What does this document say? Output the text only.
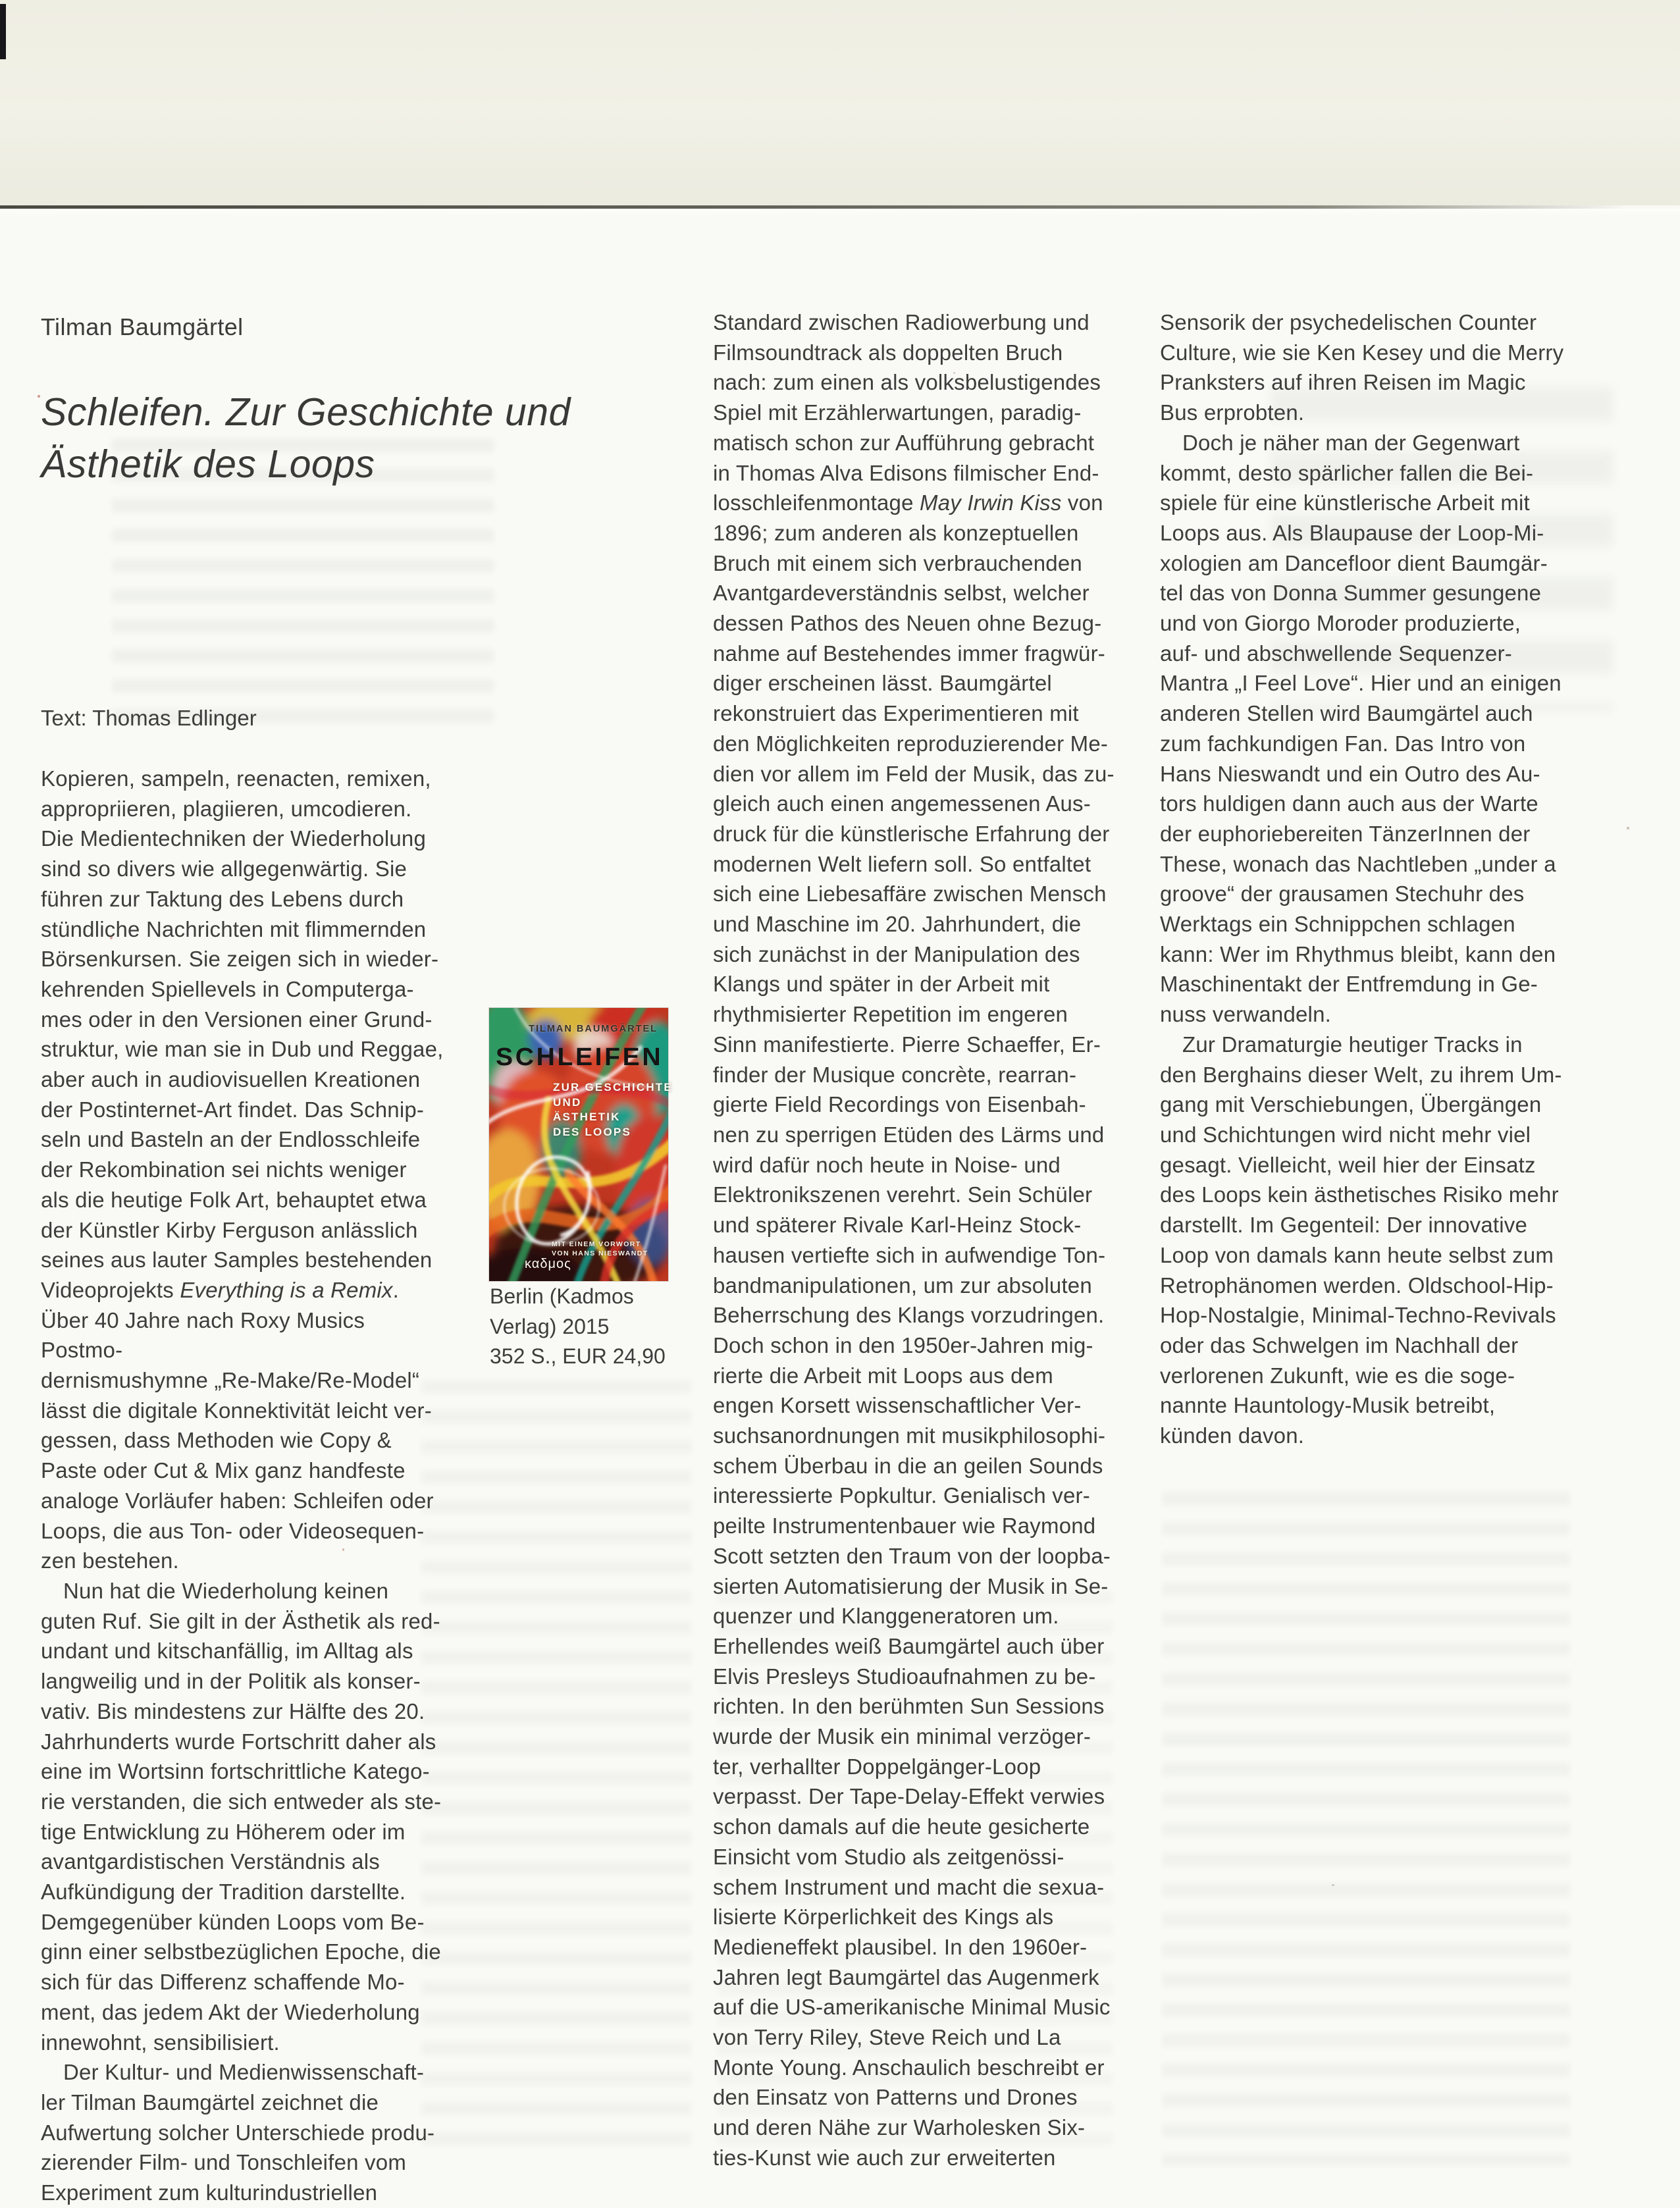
Tilman Baumgärtel
Schleifen. Zur Geschichte und
Ästhetik des Loops
Text: Thomas Edlinger

Kopieren, sampeln, reenacten, remixen,
appropriieren, plagiieren, umcodieren.
Die Medientechniken der Wiederholung
sind so divers wie allgegenwärtig. Sie
führen zur Taktung des Lebens durch
stündliche Nachrichten mit flimmernden
Börsenkursen. Sie zeigen sich in wieder-
kehrenden Spiellevels in Computerga-
mes oder in den Versionen einer Grund-
struktur, wie man sie in Dub und Reggae,
aber auch in audiovisuellen Kreationen
der Postinternet-Art findet. Das Schnip-
seln und Basteln an der Endlosschleife
der Rekombination sei nichts weniger
als die heutige Folk Art, behauptet etwa
der Künstler Kirby Ferguson anlässlich
seines aus lauter Samples bestehenden
Videoprojekts Everything is a Remix.
Über 40 Jahre nach Roxy Musics Postmo-
dernismushymne „Re-Make/Re-Model“
lässt die digitale Konnektivität leicht ver-
gessen, dass Methoden wie Copy &
Paste oder Cut & Mix ganz handfeste
analoge Vorläufer haben: Schleifen oder
Loops, die aus Ton- oder Videosequen-
zen bestehen.

Nun hat die Wiederholung keinen
guten Ruf. Sie gilt in der Ästhetik als red-
undant und kitschanfällig, im Alltag als
langweilig und in der Politik als konser-
vativ. Bis mindestens zur Hälfte des 20.
Jahrhunderts wurde Fortschritt daher als
eine im Wortsinn fortschrittliche Katego-
rie verstanden, die sich entweder als ste-
tige Entwicklung zu Höherem oder im
avantgardistischen Verständnis als
Aufkündigung der Tradition darstellte.
Demgegenüber künden Loops vom Be-
ginn einer selbstbezüglichen Epoche, die
sich für das Differenz schaffende Mo-
ment, das jedem Akt der Wiederholung
innewohnt, sensibilisiert.

Der Kultur- und Medienwissenschaft-
ler Tilman Baumgärtel zeichnet die
Aufwertung solcher Unterschiede produ-
zierender Film- und Tonschleifen vom
Experiment zum kulturindustriellen

Standard zwischen Radiowerbung und
Filmsoundtrack als doppelten Bruch
nach: zum einen als volksbelustigendes
Spiel mit Erzählerwartungen, paradig-
matisch schon zur Aufführung gebracht
in Thomas Alva Edisons filmischer End-
losschleifenmontage May Irwin Kiss von
1896; zum anderen als konzeptuellen
Bruch mit einem sich verbrauchenden
Avantgardeverständnis selbst, welcher
dessen Pathos des Neuen ohne Bezug-
nahme auf Bestehendes immer fragwür-
diger erscheinen lässt. Baumgärtel
rekonstruiert das Experimentieren mit
den Möglichkeiten reproduzierender Me-
dien vor allem im Feld der Musik, das zu-
gleich auch einen angemessenen Aus-
druck für die künstlerische Erfahrung der
modernen Welt liefern soll. So entfaltet
sich eine Liebesaffäre zwischen Mensch
und Maschine im 20. Jahrhundert, die
sich zunächst in der Manipulation des
Klangs und später in der Arbeit mit
rhythmisierter Repetition im engeren
Sinn manifestierte. Pierre Schaeffer, Er-
finder der Musique concrète, rearran-
gierte Field Recordings von Eisenbah-
nen zu sperrigen Etüden des Lärms und
wird dafür noch heute in Noise- und
Elektronikszenen verehrt. Sein Schüler
und späterer Rivale Karl-Heinz Stock-
hausen vertiefte sich in aufwendige Ton-
bandmanipulationen, um zur absoluten
Beherrschung des Klangs vorzudringen.
Doch schon in den 1950er-Jahren mig-
rierte die Arbeit mit Loops aus dem
engen Korsett wissenschaftlicher Ver-
suchsanordnungen mit musikphilosophi-
schem Überbau in die an geilen Sounds
interessierte Popkultur. Genialisch ver-
peilte Instrumentenbauer wie Raymond
Scott setzten den Traum von der loopba-
sierten Automatisierung der Musik in Se-
quenzer und Klanggeneratoren um.
Erhellendes weiß Baumgärtel auch über
Elvis Presleys Studioaufnahmen zu be-
richten. In den berühmten Sun Sessions
wurde der Musik ein minimal verzöger-
ter, verhallter Doppelgänger-Loop
verpasst. Der Tape-Delay-Effekt verwies
schon damals auf die heute gesicherte
Einsicht vom Studio als zeitgenössi-
schem Instrument und macht die sexua-
lisierte Körperlichkeit des Kings als
Medieneffekt plausibel. In den 1960er-
Jahren legt Baumgärtel das Augenmerk
auf die US-amerikanische Minimal Music
von Terry Riley, Steve Reich und La
Monte Young. Anschaulich beschreibt er
den Einsatz von Patterns und Drones
und deren Nähe zur Warholesken Six-
ties-Kunst wie auch zur erweiterten

Sensorik der psychedelischen Counter
Culture, wie sie Ken Kesey und die Merry
Pranksters auf ihren Reisen im Magic
Bus erprobten.

Doch je näher man der Gegenwart
kommt, desto spärlicher fallen die Bei-
spiele für eine künstlerische Arbeit mit
Loops aus. Als Blaupause der Loop-Mi-
xologien am Dancefloor dient Baumgär-
tel das von Donna Summer gesungene
und von Giorgo Moroder produzierte,
auf- und abschwellende Sequenzer-
Mantra „I Feel Love“. Hier und an einigen
anderen Stellen wird Baumgärtel auch
zum fachkundigen Fan. Das Intro von
Hans Nieswandt und ein Outro des Au-
tors huldigen dann auch aus der Warte
der euphoriebereiten TänzerInnen der
These, wonach das Nachtleben „under a
groove“ der grausamen Stechuhr des
Werktags ein Schnippchen schlagen
kann: Wer im Rhythmus bleibt, kann den
Maschinentakt der Entfremdung in Ge-
nuss verwandeln.

Zur Dramaturgie heutiger Tracks in
den Berghains dieser Welt, zu ihrem Um-
gang mit Verschiebungen, Übergängen
und Schichtungen wird nicht mehr viel
gesagt. Vielleicht, weil hier der Einsatz
des Loops kein ästhetisches Risiko mehr
darstellt. Im Gegenteil: Der innovative
Loop von damals kann heute selbst zum
Retrophänomen werden. Oldschool-Hip-
Hop-Nostalgie, Minimal-Techno-Revivals
oder das Schwelgen im Nachhall der
verlorenen Zukunft, wie es die soge-
nannte Hauntology-Musik betreibt,
künden davon.

TILMAN BAUMGÄRTEL
SCHLEIFEN
ZUR GESCHICHTE
UND
ÄSTHETIK
DES LOOPS
MIT EINEM VORWORT
VON HANS NIESWANDT
καδμος
Berlin (Kadmos
Verlag) 2015
352 S., EUR 24,90
